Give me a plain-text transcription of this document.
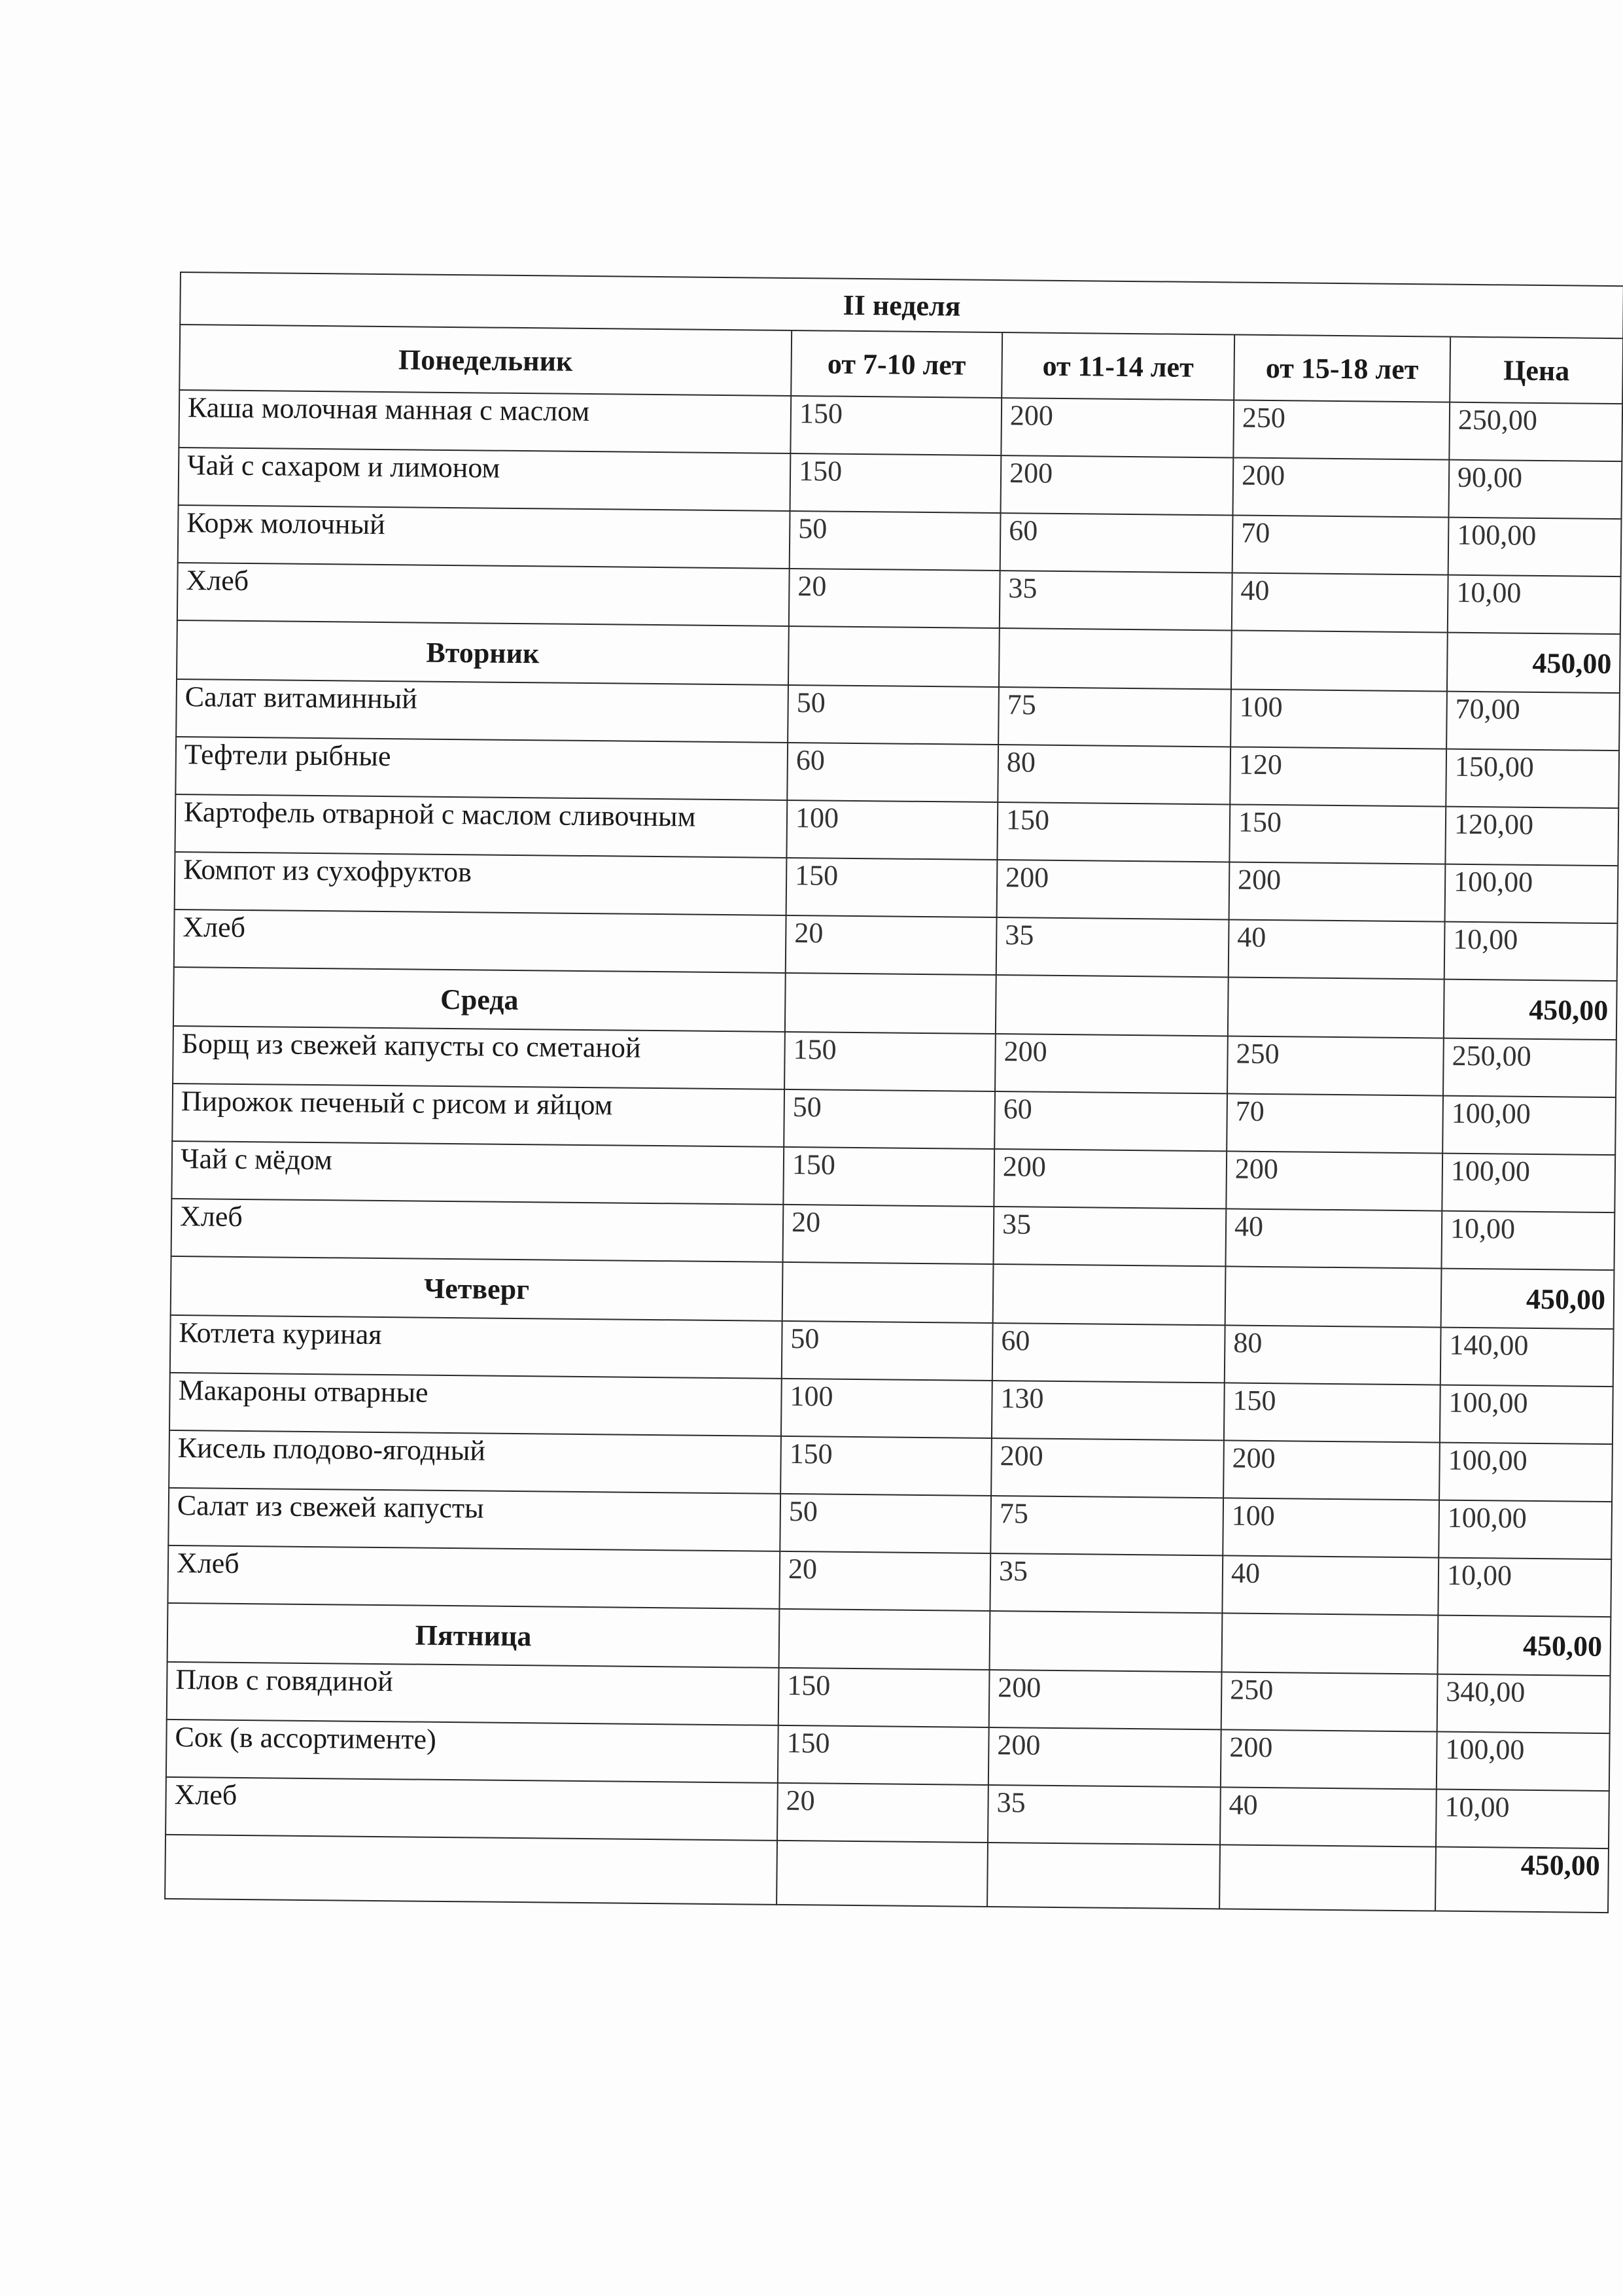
II неделя				
Понедельник	от 7-10 лет	от 11-14 лет	от 15-18 лет	Цена
Каша молочная манная с маслом	150	200	250	250,00
Чай с сахаром и лимоном	150	200	200	90,00
Корж молочный	50	60	70	100,00
Хлеб	20	35	40	10,00
Вторник				450,00
Салат витаминный	50	75	100	70,00
Тефтели рыбные	60	80	120	150,00
Картофель отварной с маслом сливочным	100	150	150	120,00
Компот из сухофруктов	150	200	200	100,00
Хлеб	20	35	40	10,00
Среда				450,00
Борщ из свежей капусты со сметаной	150	200	250	250,00
Пирожок печеный с рисом и яйцом	50	60	70	100,00
Чай с мёдом	150	200	200	100,00
Хлеб	20	35	40	10,00
Четверг				450,00
Котлета куриная	50	60	80	140,00
Макароны отварные	100	130	150	100,00
Кисель плодово-ягодный	150	200	200	100,00
Салат из свежей капусты	50	75	100	100,00
Хлеб	20	35	40	10,00
Пятница				450,00
Плов с говядиной	150	200	250	340,00
Сок (в ассортименте)	150	200	200	100,00
Хлеб	20	35	40	10,00
				450,00
